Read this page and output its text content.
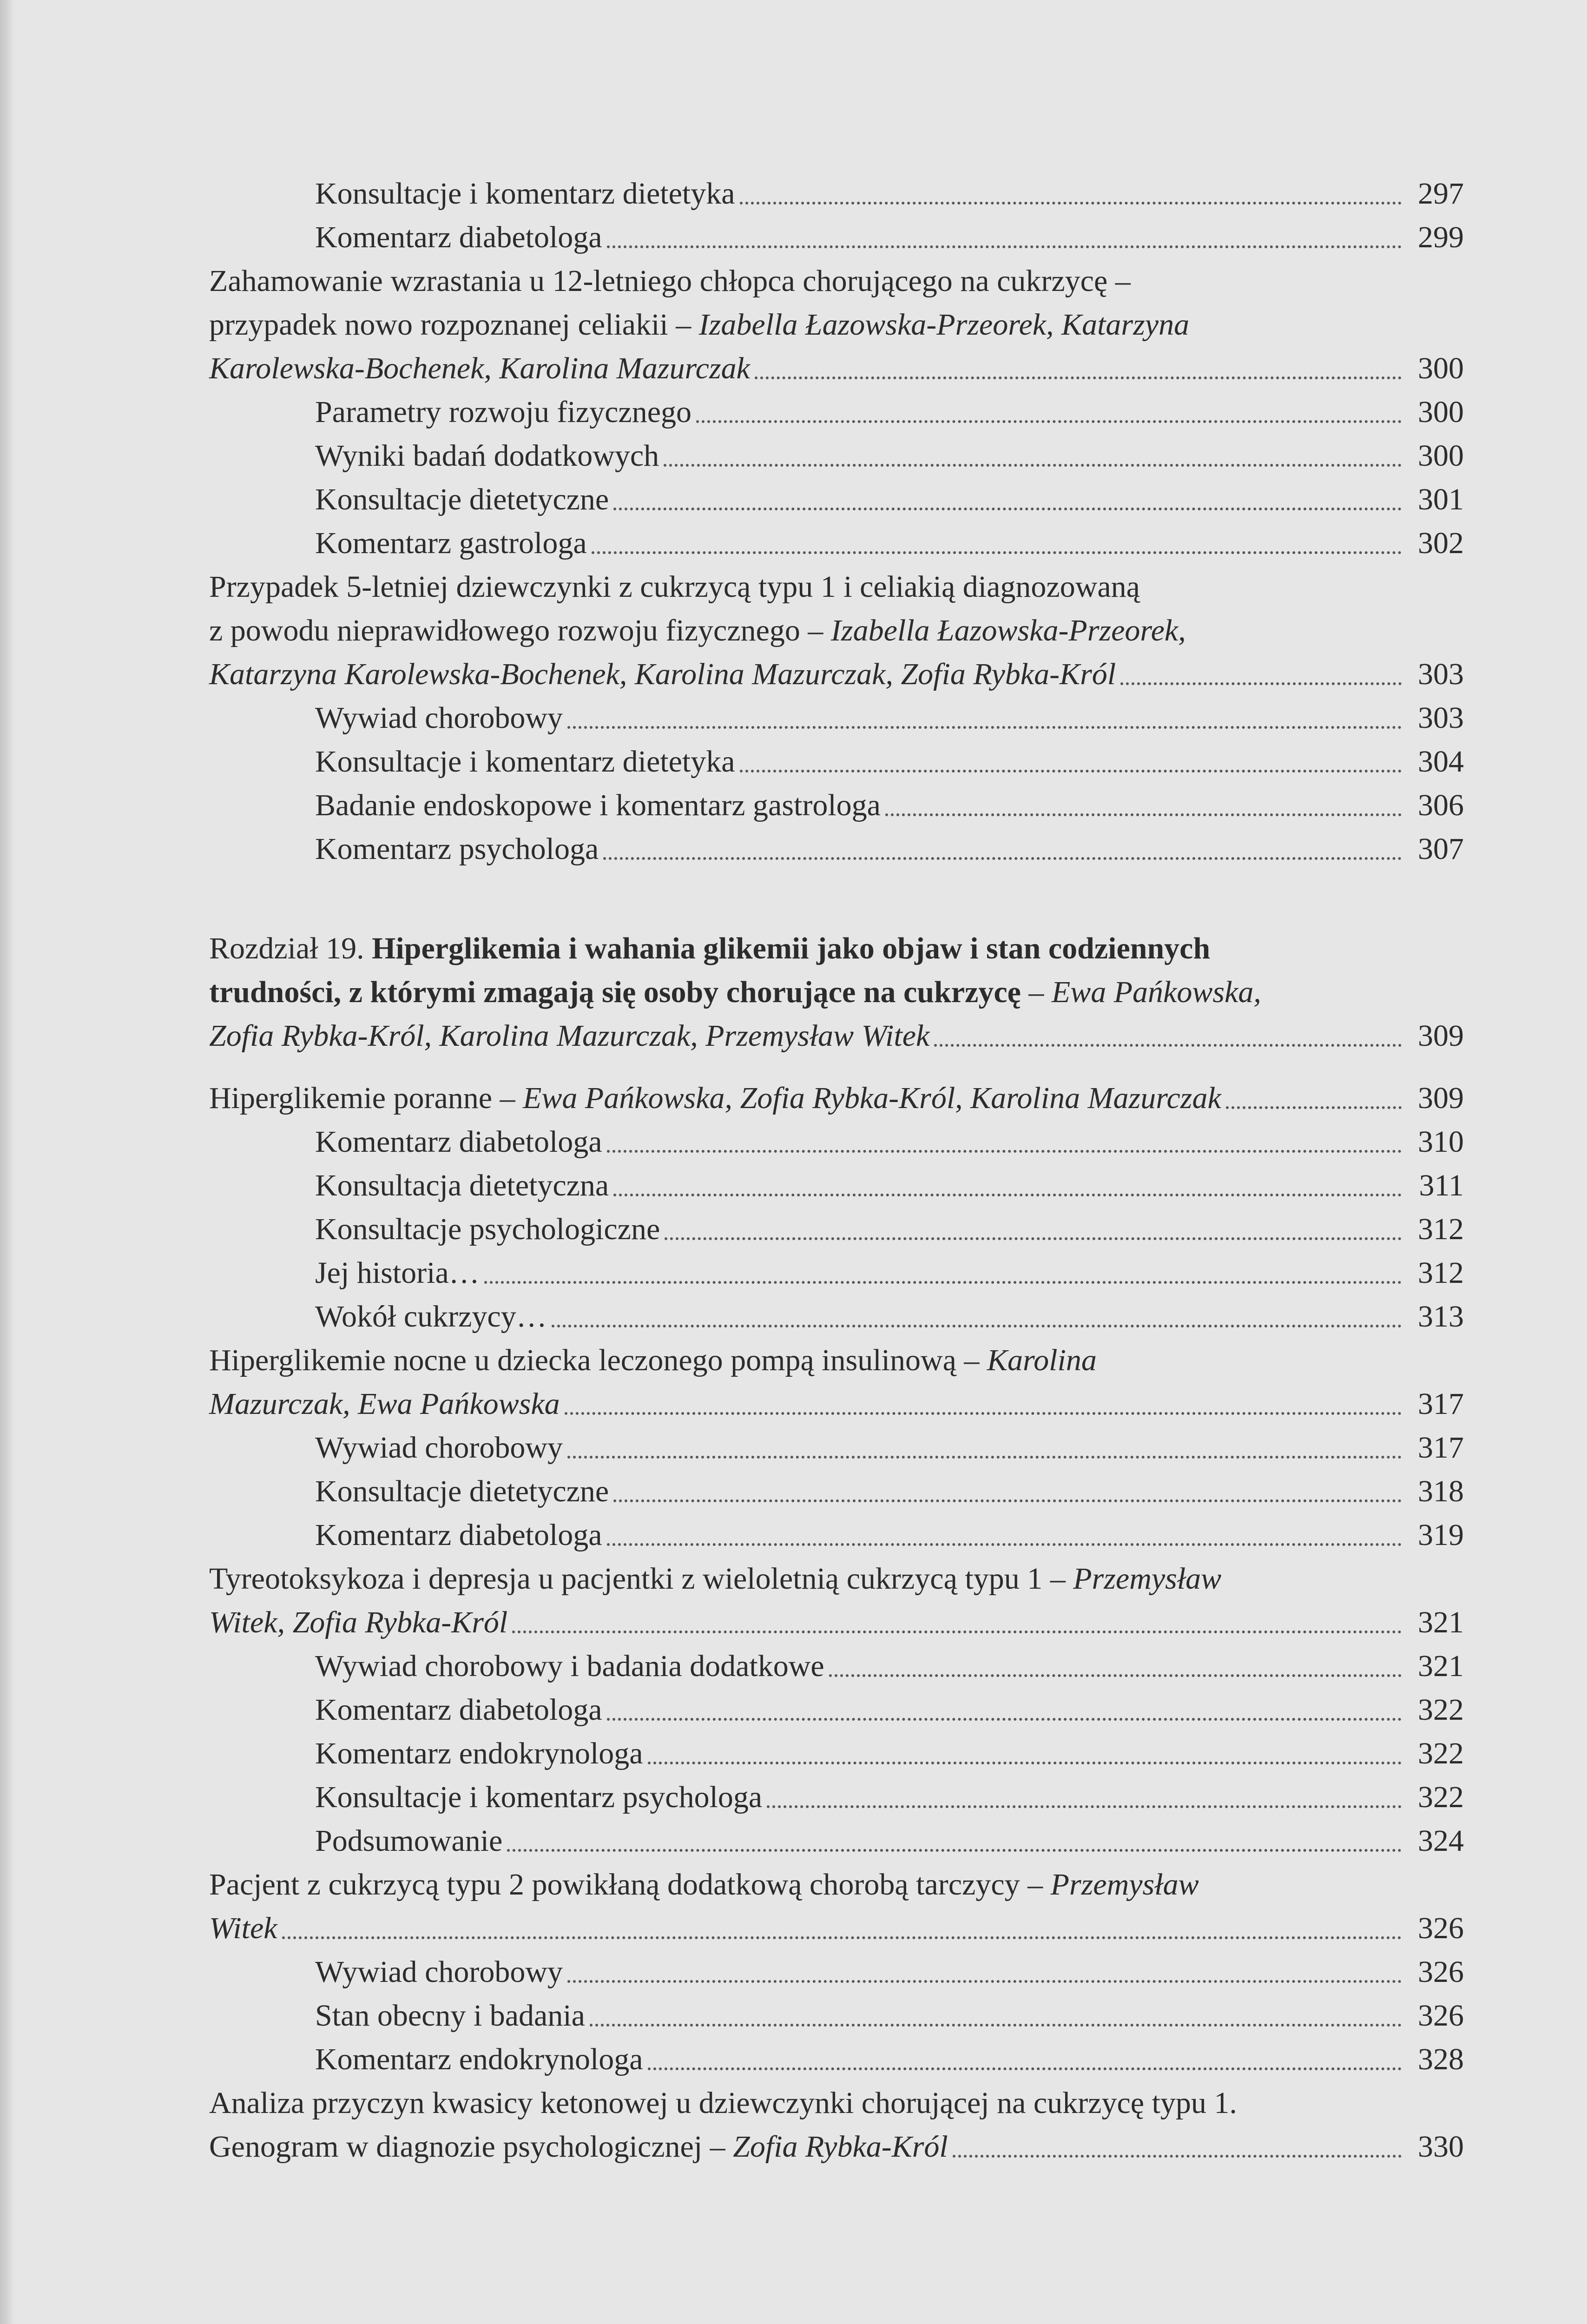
Konsultacje i komentarz dietetyka	297
Komentarz diabetologa	299
Zahamowanie wzrastania u 12-letniego chłopca chorującego na cukrzycę –
przypadek nowo rozpoznanej celiakii – Izabella Łazowska-Przeorek, Katarzyna
Karolewska-Bochenek, Karolina Mazurczak	300
Parametry rozwoju fizycznego	300
Wyniki badań dodatkowych	300
Konsultacje dietetyczne	301
Komentarz gastrologa	302
Przypadek 5-letniej dziewczynki z cukrzycą typu 1 i celiakią diagnozowaną
z powodu nieprawidłowego rozwoju fizycznego – Izabella Łazowska-Przeorek,
Katarzyna Karolewska-Bochenek, Karolina Mazurczak, Zofia Rybka-Król	303
Wywiad chorobowy	303
Konsultacje i komentarz dietetyka	304
Badanie endoskopowe i komentarz gastrologa	306
Komentarz psychologa	307
Rozdział 19. Hiperglikemia i wahania glikemii jako objaw i stan codziennych
trudności, z którymi zmagają się osoby chorujące na cukrzycę – Ewa Pańkowska,
Zofia Rybka-Król, Karolina Mazurczak, Przemysław Witek	309
Hiperglikemie poranne – Ewa Pańkowska, Zofia Rybka-Król, Karolina Mazurczak	309
Komentarz diabetologa	310
Konsultacja dietetyczna	311
Konsultacje psychologiczne	312
Jej historia…	312
Wokół cukrzycy…	313
Hiperglikemie nocne u dziecka leczonego pompą insulinową – Karolina
Mazurczak, Ewa Pańkowska	317
Wywiad chorobowy	317
Konsultacje dietetyczne	318
Komentarz diabetologa	319
Tyreotoksykoza i depresja u pacjentki z wieloletnią cukrzycą typu 1 – Przemysław
Witek, Zofia Rybka-Król	321
Wywiad chorobowy i badania dodatkowe	321
Komentarz diabetologa	322
Komentarz endokrynologa	322
Konsultacje i komentarz psychologa	322
Podsumowanie	324
Pacjent z cukrzycą typu 2 powikłaną dodatkową chorobą tarczycy – Przemysław
Witek	326
Wywiad chorobowy	326
Stan obecny i badania	326
Komentarz endokrynologa	328
Analiza przyczyn kwasicy ketonowej u dziewczynki chorującej na cukrzycę typu 1.
Genogram w diagnozie psychologicznej – Zofia Rybka-Król	330
